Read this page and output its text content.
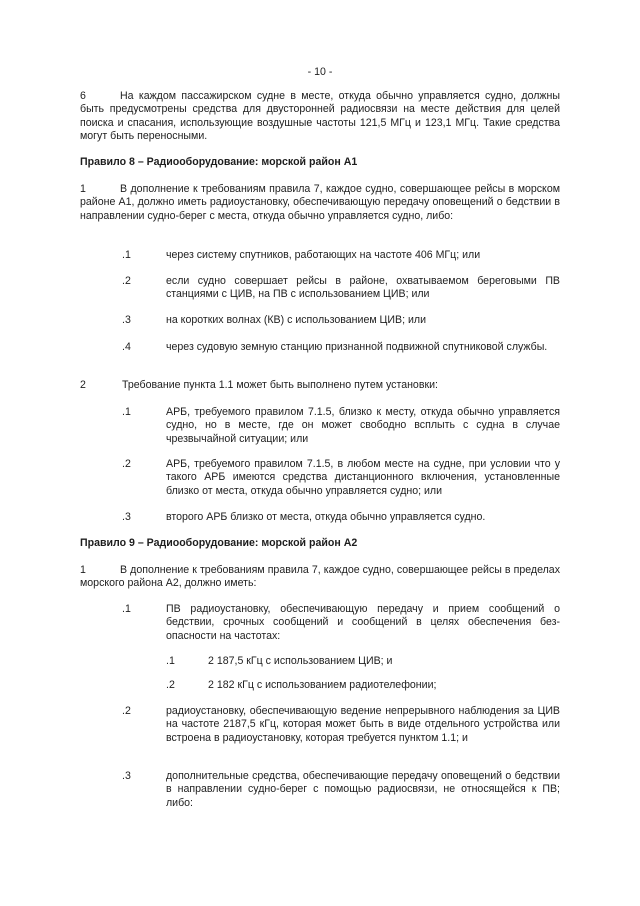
- 10 -
6	На каждом пассажирском судне в месте, откуда обычно управляется судно, должны быть предусмотрены средства для двусторонней радиосвязи на месте действия для целей поиска и спасания, использующие воздушные частоты 121,5 МГц и 123,1 МГц. Такие средства могут быть переносными.

Правило 8 – Радиооборудование: морской район А1
1	В дополнение к требованиям правила 7, каждое судно, совершающее рейсы в морском районе А1, должно иметь радиоустановку, обеспечивающую передачу оповещений о бедствии в направлении судно-берег с места, откуда обычно управляется судно, либо:

.1	через систему спутников, работающих на частоте 406 МГц; или

.2	если судно совершает рейсы в районе, охватываемом береговыми ПВ станциями с ЦИВ, на ПВ с использованием ЦИВ; или

.3	на коротких волнах (КВ) с использованием ЦИВ; или

.4	через судовую земную станцию признанной подвижной спутниковой службы.

2	Требование пункта 1.1 может быть выполнено путем установки:

.1	АРБ, требуемого правилом 7.1.5, близко к месту, откуда обычно управляется судно, но в месте, где он может свободно всплыть с судна в случае чрезвычайной ситуации; или

.2	АРБ, требуемого правилом 7.1.5, в любом месте на судне, при условии что у такого АРБ имеются средства дистанционного включения, установленные близко от места, откуда обычно управляется судно; или

.3	второго АРБ близко от места, откуда обычно управляется судно.

Правило 9 – Радиооборудование: морской район А2
1	В дополнение к требованиям правила 7, каждое судно, совершающее рейсы в пределах морского района А2, должно иметь:

.1	ПВ радиоустановку, обеспечивающую передачу и прием сообщений о бедствии, срочных сообщений и сообщений в целях обеспечения безопасности на частотах:

.1	2 187,5 кГц с использованием ЦИВ; и

.2	2 182 кГц с использованием радиотелефонии;

.2	радиоустановку, обеспечивающую ведение непрерывного наблюдения за ЦИВ на частоте 2187,5 кГц, которая может быть в виде отдельного устройства или встроена в радиоустановку, которая требуется пунктом 1.1; и

.3	дополнительные средства, обеспечивающие передачу оповещений о бедствии в направлении судно-берег с помощью радиосвязи, не относящейся к ПВ; либо:
